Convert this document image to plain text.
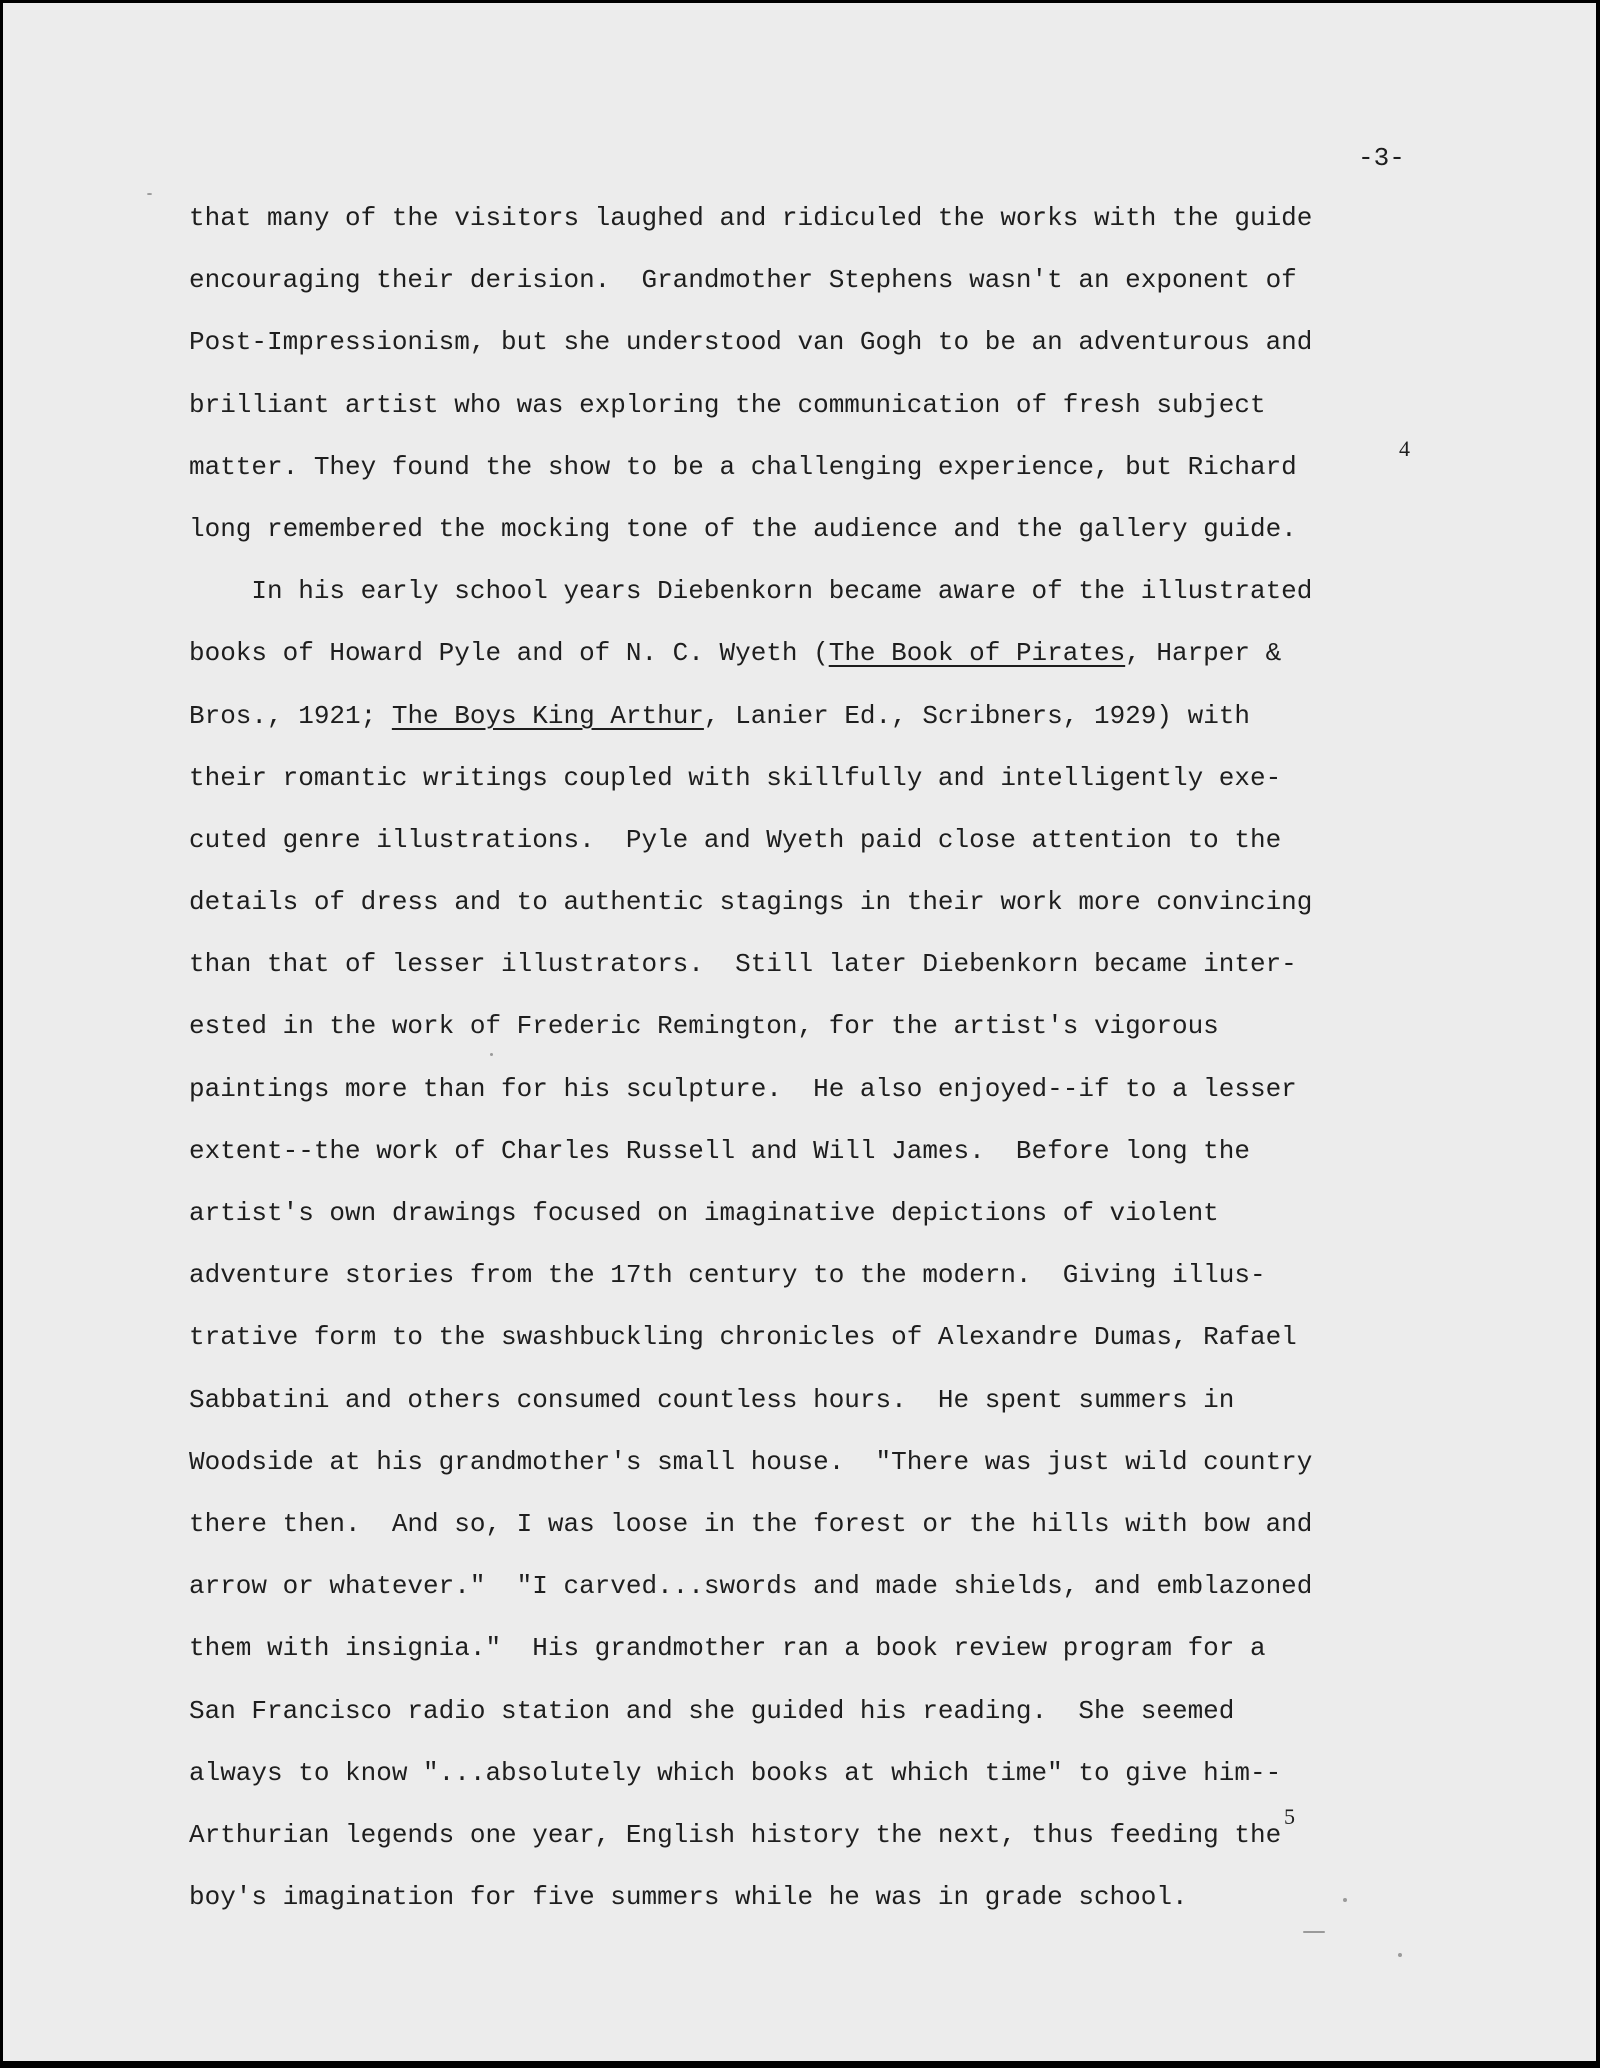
-3-
that many of the visitors laughed and ridiculed the works with the guide
encouraging their derision.  Grandmother Stephens wasn't an exponent of
Post-Impressionism, but she understood van Gogh to be an adventurous and
brilliant artist who was exploring the communication of fresh subject
matter. They found the show to be a challenging experience, but Richard
4
long remembered the mocking tone of the audience and the gallery guide.
In his early school years Diebenkorn became aware of the illustrated
books of Howard Pyle and of N. C. Wyeth (The Book of Pirates, Harper &
Bros., 1921; The Boys King Arthur, Lanier Ed., Scribners, 1929) with
their romantic writings coupled with skillfully and intelligently exe-
cuted genre illustrations.  Pyle and Wyeth paid close attention to the
details of dress and to authentic stagings in their work more convincing
than that of lesser illustrators.  Still later Diebenkorn became inter-
ested in the work of Frederic Remington, for the artist's vigorous
paintings more than for his sculpture.  He also enjoyed--if to a lesser
extent--the work of Charles Russell and Will James.  Before long the
artist's own drawings focused on imaginative depictions of violent
adventure stories from the 17th century to the modern.  Giving illus-
trative form to the swashbuckling chronicles of Alexandre Dumas, Rafael
Sabbatini and others consumed countless hours.  He spent summers in
Woodside at his grandmother's small house.  "There was just wild country
there then.  And so, I was loose in the forest or the hills with bow and
arrow or whatever."  "I carved...swords and made shields, and emblazoned
them with insignia."  His grandmother ran a book review program for a
San Francisco radio station and she guided his reading.  She seemed
always to know "...absolutely which books at which time" to give him--
Arthurian legends one year, English history the next, thus feeding the
5
boy's imagination for five summers while he was in grade school.
